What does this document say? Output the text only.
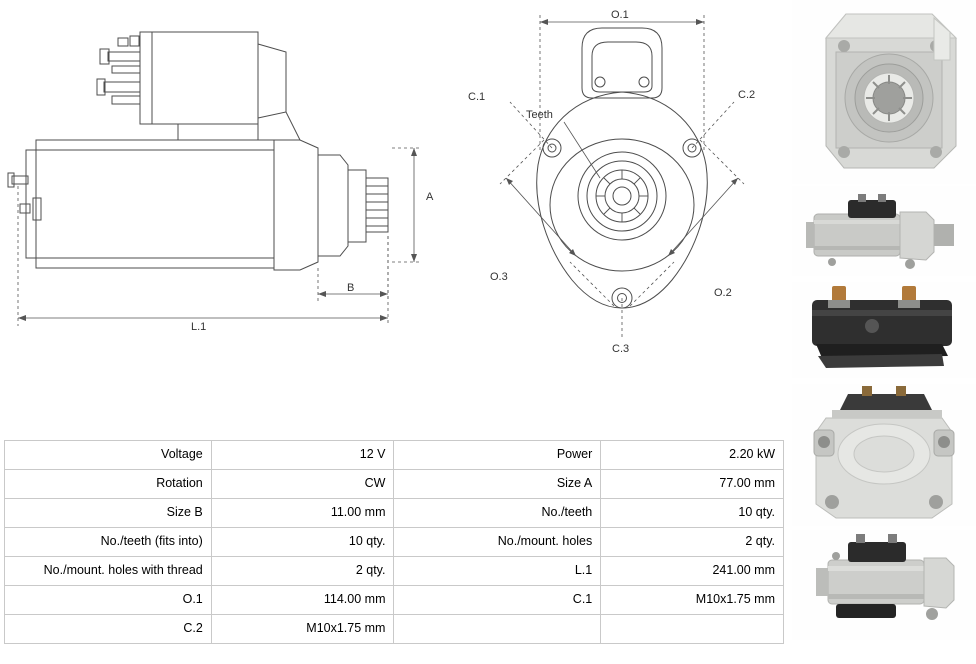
A
B
L.1
O.1
O.2
O.3
C.1	C.2
C.3
Teeth
Voltage	12 V	Power	2.20 kW
Rotation	CW	Size A	77.00 mm
Size B	11.00 mm	No./teeth	10 qty.
No./teeth (fits into)	10 qty.	No./mount. holes	2 qty.
No./mount. holes with thread	2 qty.	L.1	241.00 mm
O.1	114.00 mm	C.1	M10x1.75 mm
C.2	M10x1.75 mm		
